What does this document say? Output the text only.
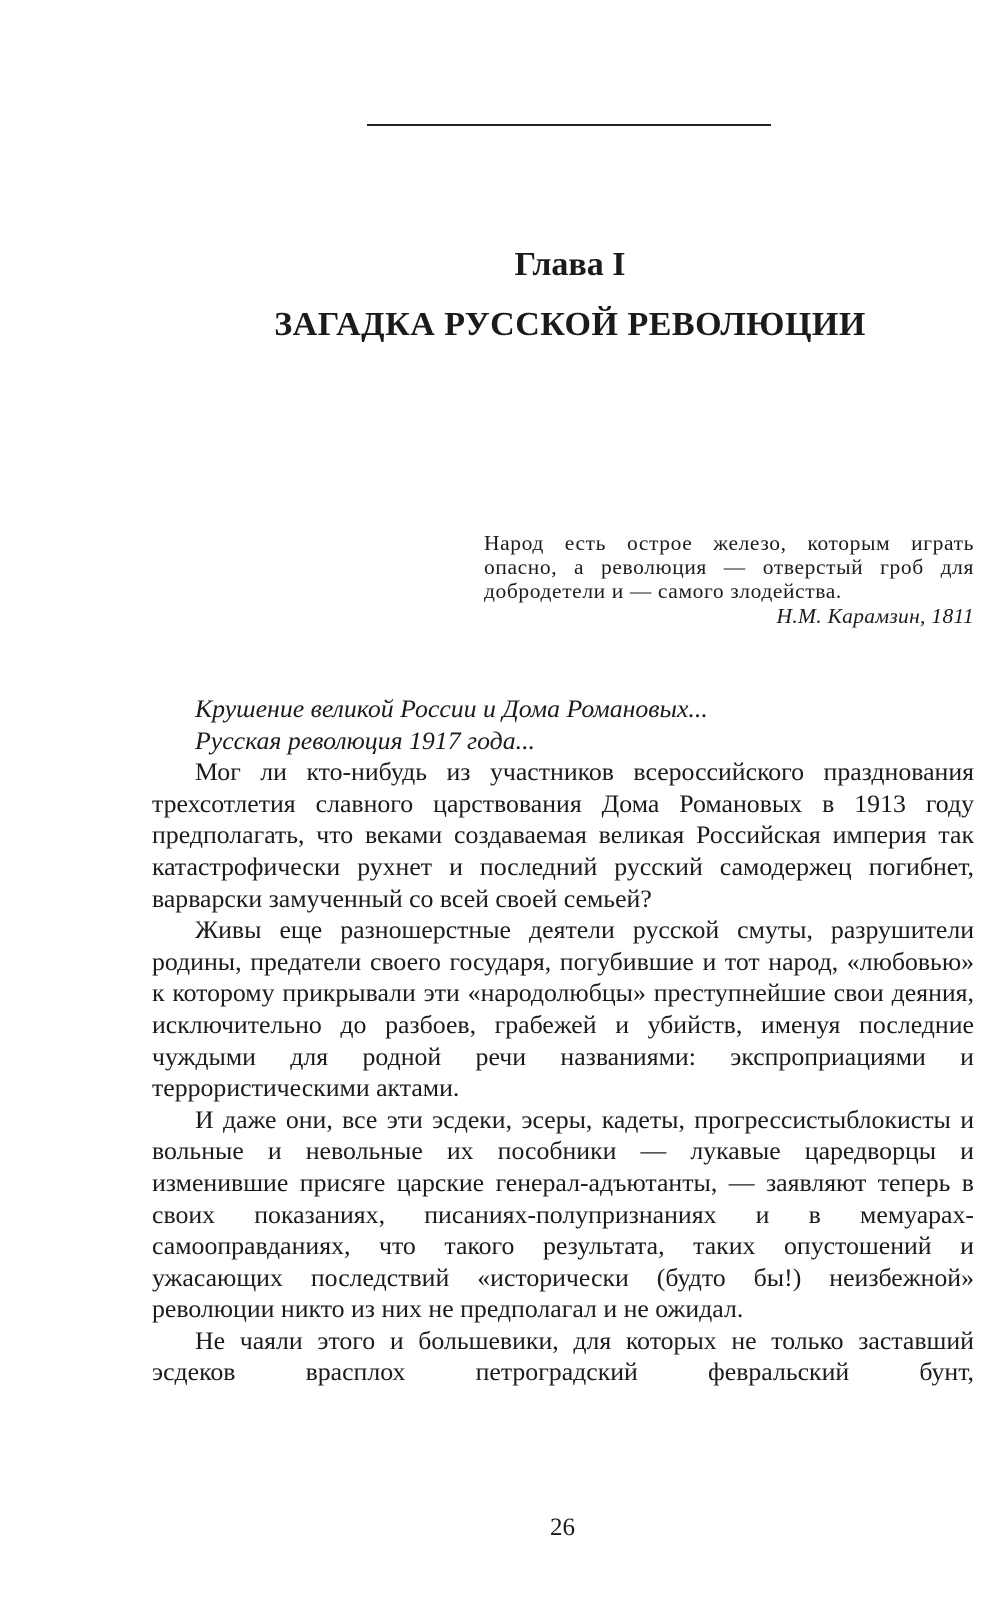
Глава I
ЗАГАДКА РУССКОЙ РЕВОЛЮЦИИ
Народ есть острое железо, которым играть опасно, а революция — отверстый гроб для добродетели и — самого злодейства.
Н.М. Карамзин, 1811

Крушение великой России и Дома Романовых...

Русская революция 1917 года...

Мог ли кто-нибудь из участников всероссийского празднования трехсотлетия славного царствования Дома Романовых в 1913 году предполагать, что веками создаваемая великая Российская империя так катастрофически рухнет и последний русский самодержец погибнет, варварски замученный со всей своей семьей?

Живы еще разношерстные деятели русской смуты, разрушители родины, предатели своего государя, погубившие и тот народ, «любовью» к которому прикрывали эти «народолюбцы» преступнейшие свои деяния, исключительно до разбоев, грабежей и убийств, именуя последние чуждыми для родной речи названиями: экспроприациями и террористическими актами.

И даже они, все эти эсдеки, эсеры, кадеты, прогрессистыблокисты и вольные и невольные их пособники — лукавые царедворцы и изменившие присяге царские генерал-адъютанты, — заявляют теперь в своих показаниях, писаниях-полупризнаниях и в мемуарах-самооправданиях, что такого результата, таких опустошений и ужасающих последствий «исторически (будто бы!) неизбежной» революции никто из них не предполагал и не ожидал.

Не чаяли этого и большевики, для которых не только заставший эсдеков врасплох петроградский февральский бунт,

26
